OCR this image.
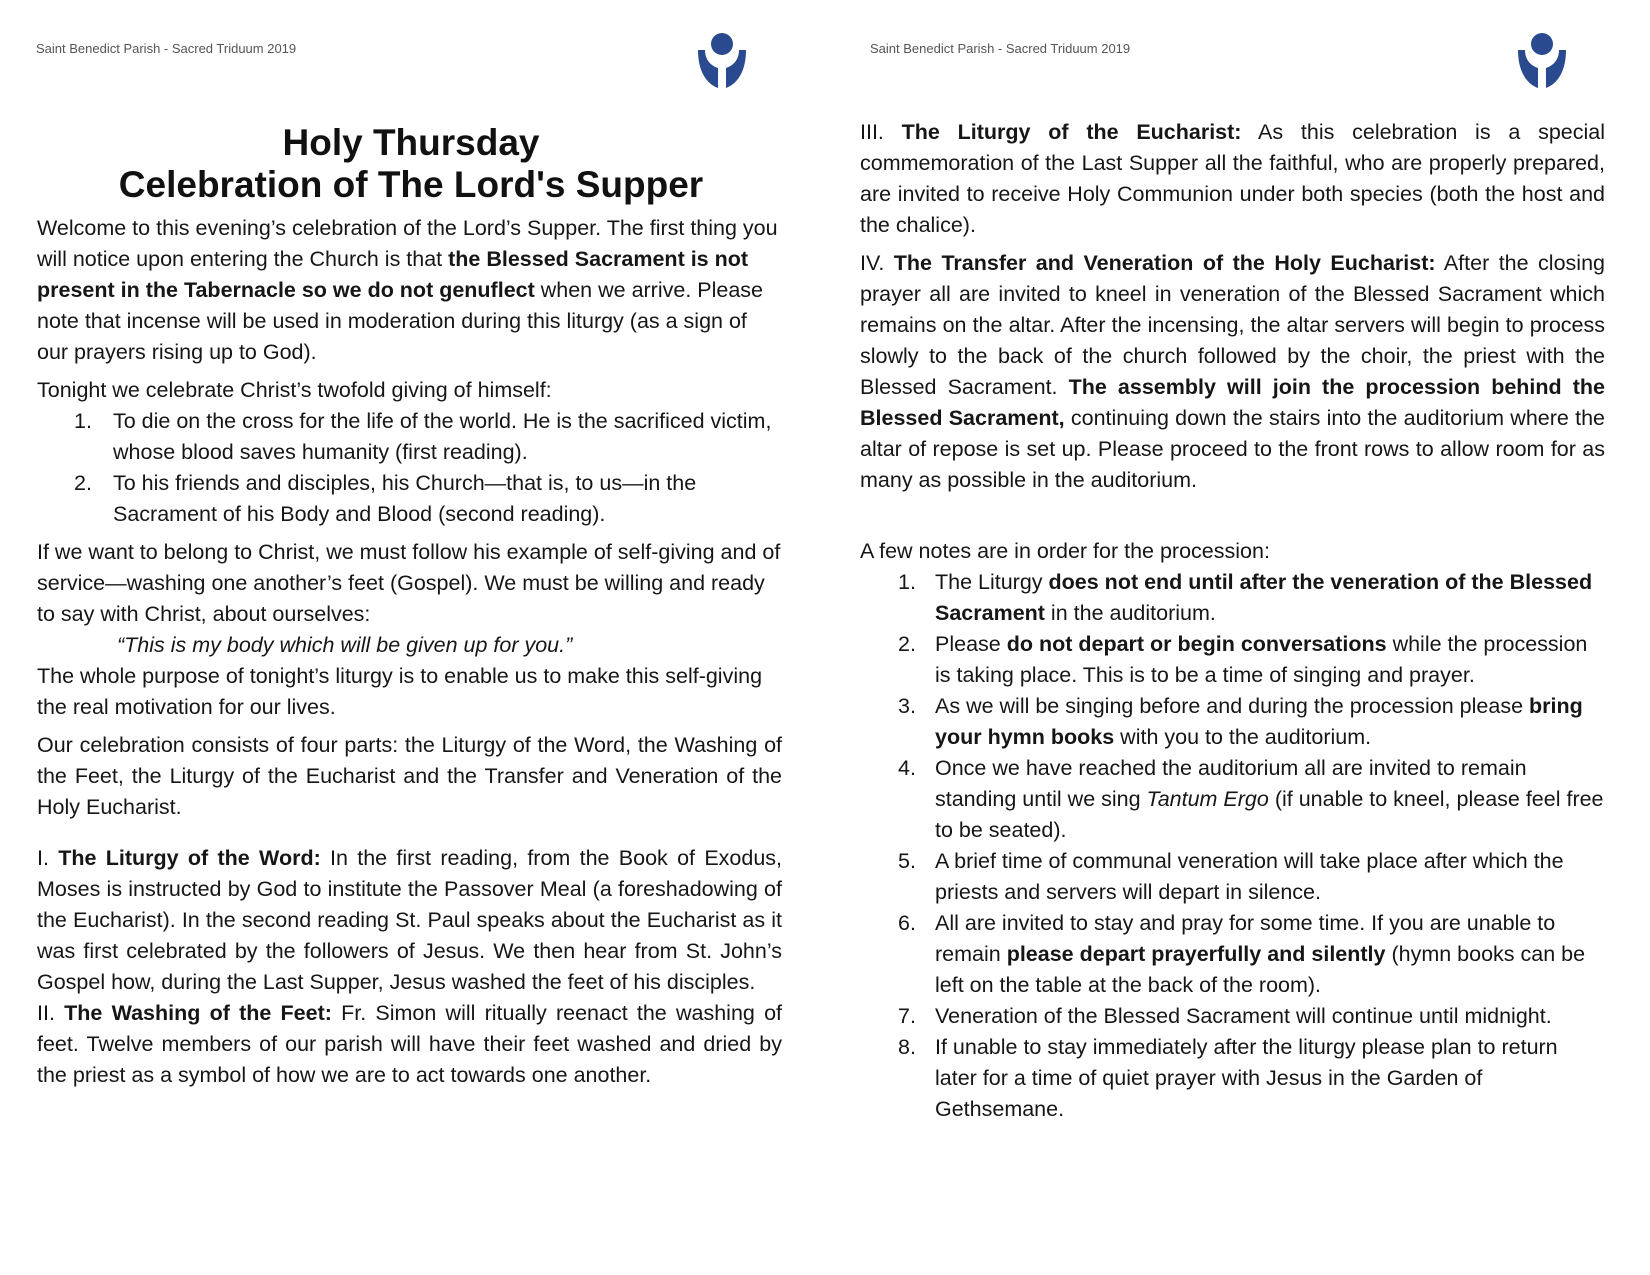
Saint Benedict Parish - Sacred Triduum 2019
Holy Thursday
Celebration of The Lord's Supper

Welcome to this evening’s celebration of the Lord’s Supper. The first thing you will notice upon entering the Church is that the Blessed Sacrament is not present in the Tabernacle so we do not genuflect when we arrive. Please note that incense will be used in moderation during this liturgy (as a sign of our prayers rising up to God).

Tonight we celebrate Christ’s twofold giving of himself:

1. To die on the cross for the life of the world. He is the sacrificed victim, whose blood saves humanity (first reading).
2. To his friends and disciples, his Church—that is, to us—in the Sacrament of his Body and Blood (second reading).

If we want to belong to Christ, we must follow his example of self-giving and of service—washing one another’s feet (Gospel). We must be willing and ready to say with Christ, about ourselves:

“This is my body which will be given up for you.”

The whole purpose of tonight’s liturgy is to enable us to make this self-giving the real motivation for our lives.

Our celebration consists of four parts: the Liturgy of the Word, the Washing of the Feet, the Liturgy of the Eucharist and the Transfer and Veneration of the Holy Eucharist.

I. The Liturgy of the Word: In the first reading, from the Book of Exodus, Moses is instructed by God to institute the Passover Meal (a foreshadowing of the Eucharist). In the second reading St. Paul speaks about the Eucharist as it was first celebrated by the followers of Jesus. We then hear from St. John’s Gospel how, during the Last Supper, Jesus washed the feet of his disciples.

II. The Washing of the Feet: Fr. Simon will ritually reenact the washing of feet. Twelve members of our parish will have their feet washed and dried by the priest as a symbol of how we are to act towards one another.

Saint Benedict Parish - Sacred Triduum 2019

III. The Liturgy of the Eucharist: As this celebration is a special commemoration of the Last Supper all the faithful, who are properly prepared, are invited to receive Holy Communion under both species (both the host and the chalice).

IV. The Transfer and Veneration of the Holy Eucharist: After the closing prayer all are invited to kneel in veneration of the Blessed Sacrament which remains on the altar. After the incensing, the altar servers will begin to process slowly to the back of the church followed by the choir, the priest with the Blessed Sacrament. The assembly will join the procession behind the Blessed Sacrament, continuing down the stairs into the auditorium where the altar of repose is set up. Please proceed to the front rows to allow room for as many as possible in the auditorium.

A few notes are in order for the procession:

1. The Liturgy does not end until after the veneration of the Blessed Sacrament in the auditorium.
2. Please do not depart or begin conversations while the procession is taking place. This is to be a time of singing and prayer.
3. As we will be singing before and during the procession please bring your hymn books with you to the auditorium.
4. Once we have reached the auditorium all are invited to remain standing until we sing Tantum Ergo (if unable to kneel, please feel free to be seated).
5. A brief time of communal veneration will take place after which the priests and servers will depart in silence.
6. All are invited to stay and pray for some time. If you are unable to remain please depart prayerfully and silently (hymn books can be left on the table at the back of the room).
7. Veneration of the Blessed Sacrament will continue until midnight.
8. If unable to stay immediately after the liturgy please plan to return later for a time of quiet prayer with Jesus in the Garden of Gethsemane.
